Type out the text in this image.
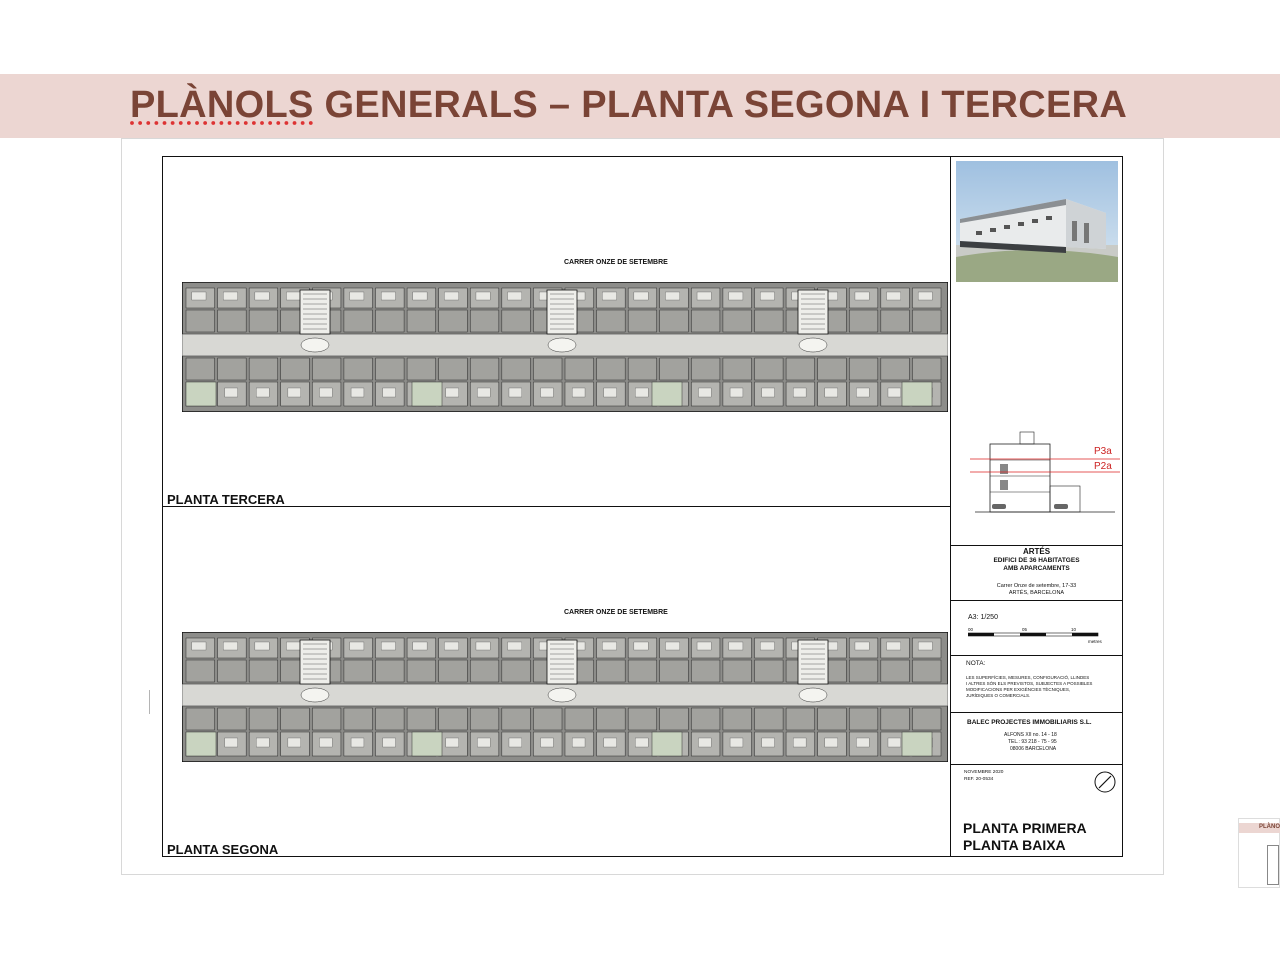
PLÀNOLS GENERALS – PLANTA SEGONA I TERCERA
CARRER ONZE DE SETEMBRE
PLANTA TERCERA
CARRER ONZE DE SETEMBRE
PLANTA SEGONA
————
P3a
P2a
ARTÉS
EDIFICI DE 36 HABITATGES
AMB APARCAMENTS
Carrer Onze de setembre, 17-33
ARTÉS, BARCELONA
A3: 1/250
00	05	10
metres
NOTA:
LES SUPERFÍCIES, MESURES, CONFIGURACIÓ, LLINDES
I ALTRES SÓN ELS PREVISTOS, SUBJECTES A POSSIBLES
MODIFICACIONS PER EXIGÈNCIES TÈCNIQUES,
JURÍDIQUES O COMERCIALS.
BALEC PROJECTES IMMOBILIARIS S.L.
ALFONS XII no. 14 - 18
TEL.: 93 218 - 75 - 95
08006 BARCELONA
NOVEMBRE 2020
REF. 20-0534
PLANTA PRIMERA
PLANTA BAIXA
PLÀNO
